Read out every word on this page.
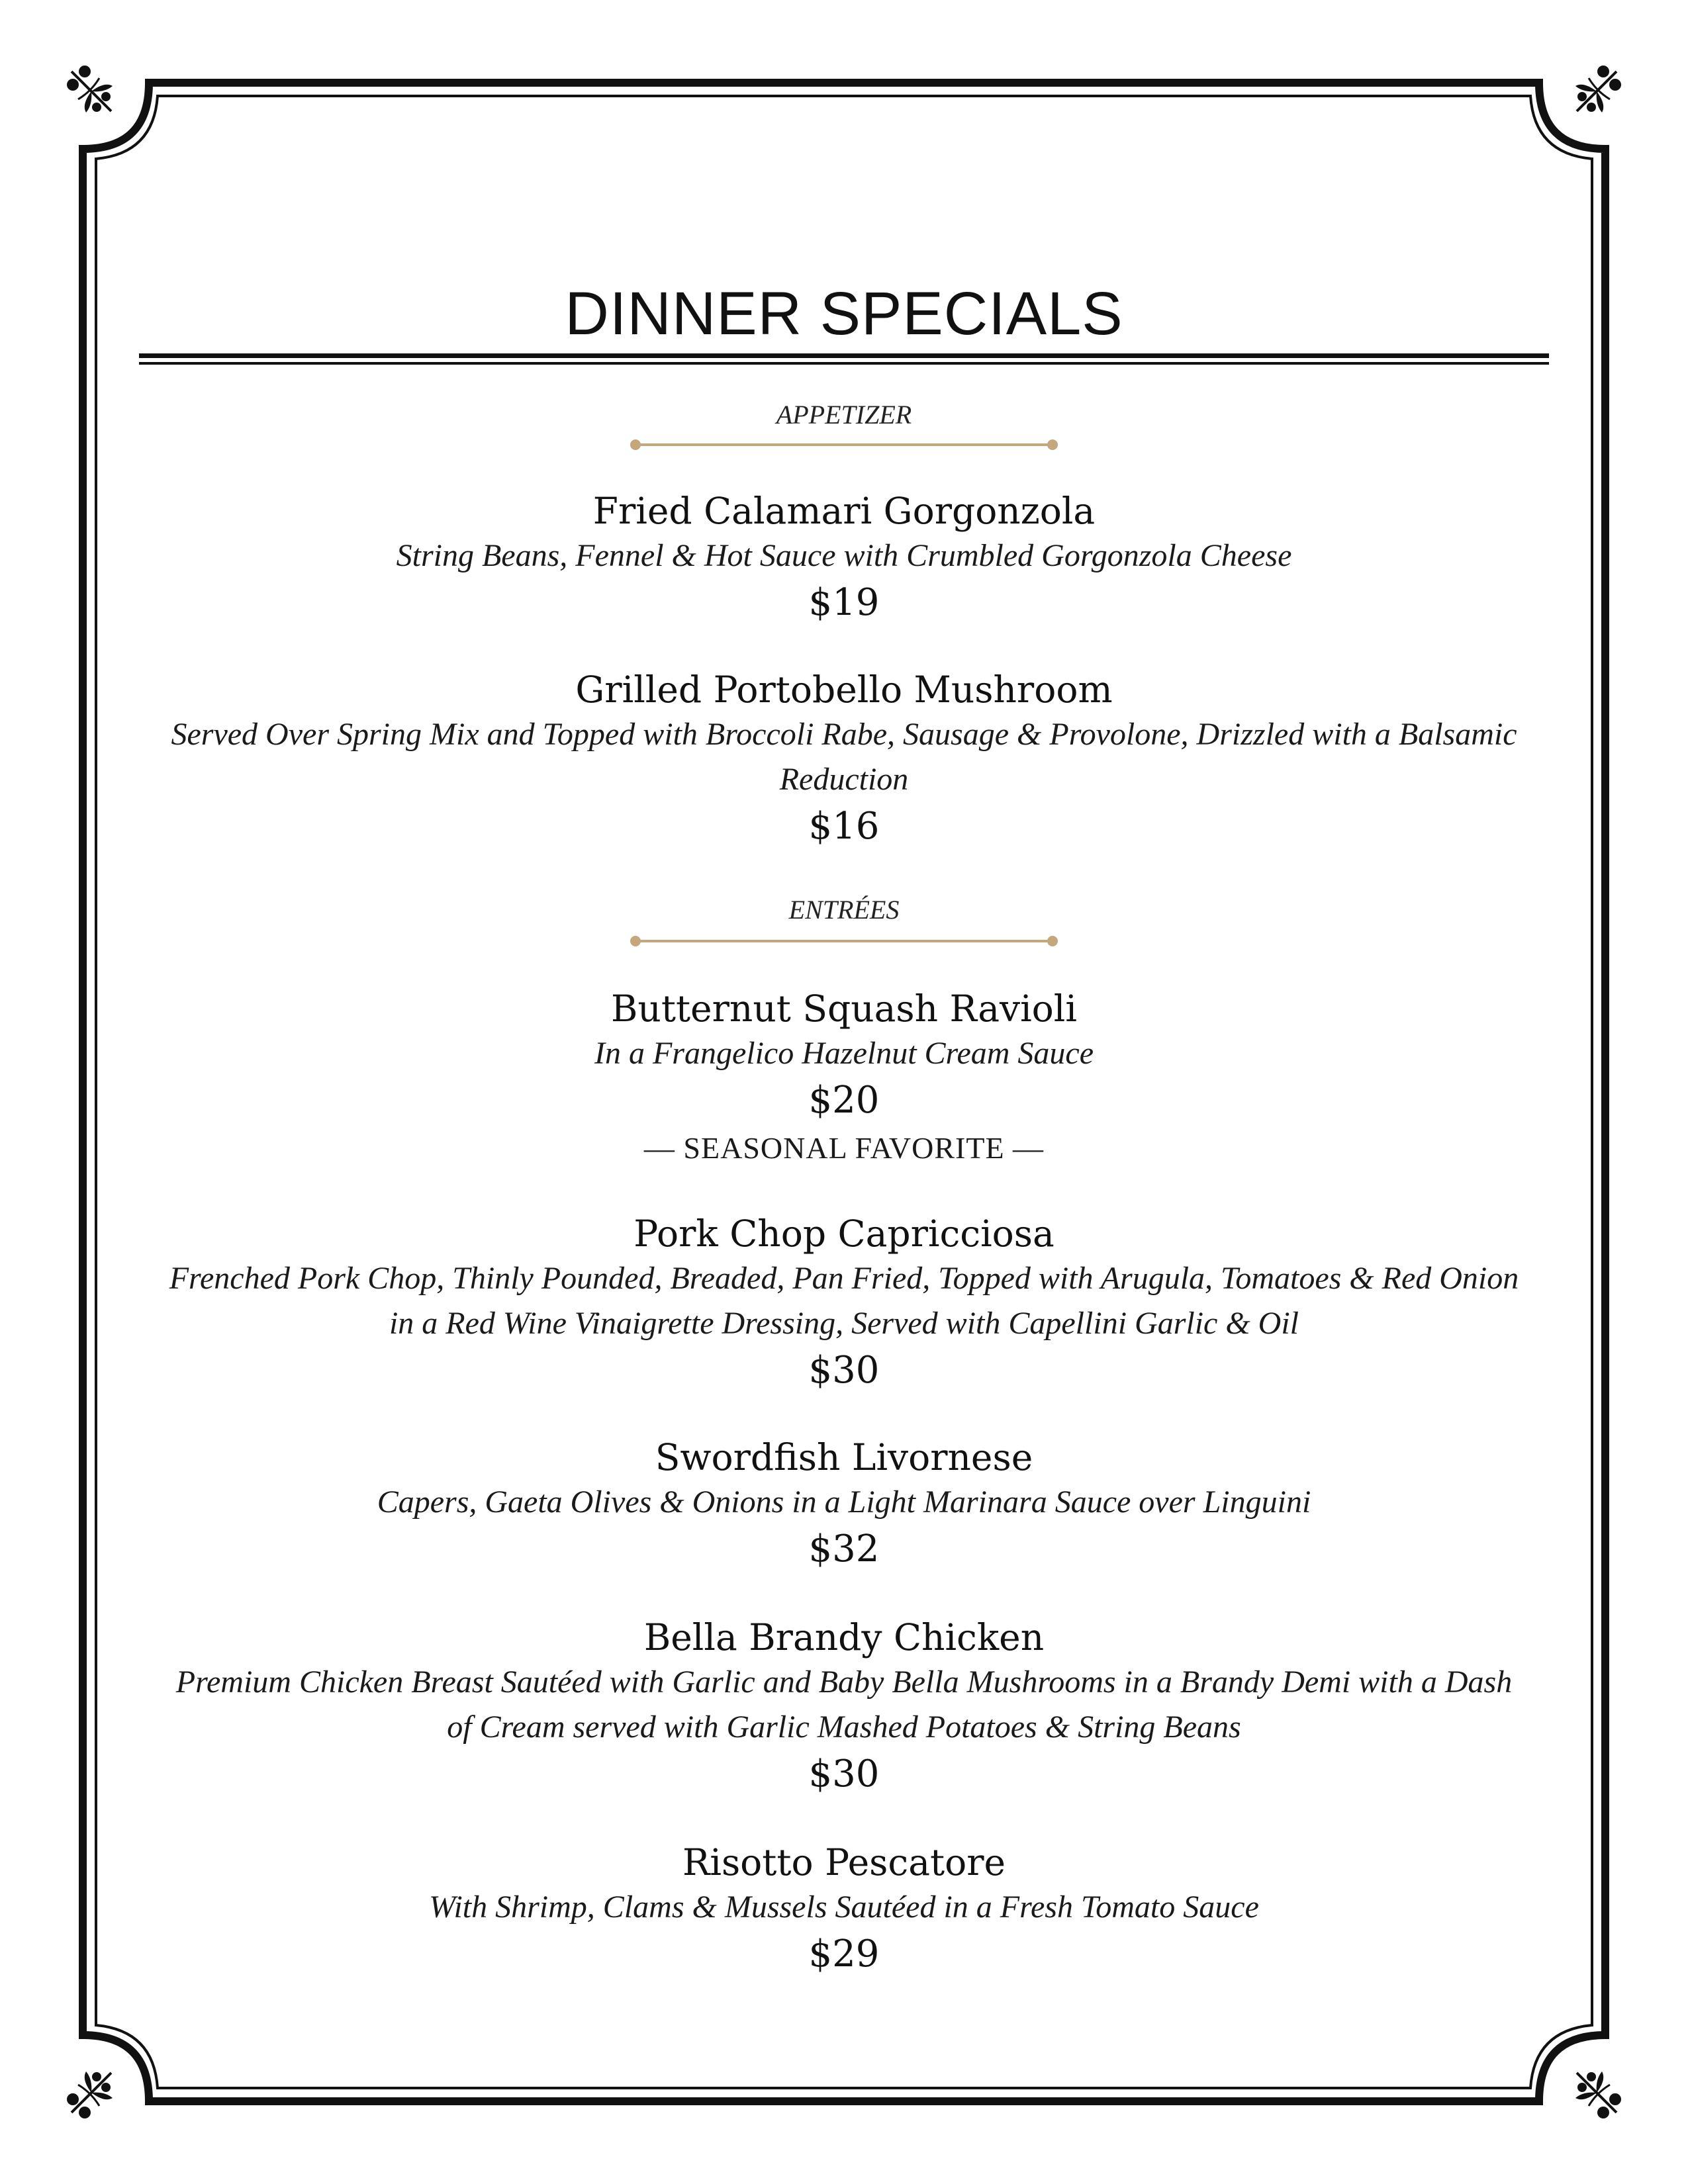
DINNER SPECIALS
APPETIZER
Fried Calamari Gorgonzola
String Beans, Fennel & Hot Sauce with Crumbled Gorgonzola Cheese
$19
Grilled Portobello Mushroom
Served Over Spring Mix and Topped with Broccoli Rabe, Sausage & Provolone, Drizzled with a Balsamic
Reduction
$16
ENTRÉES
Butternut Squash Ravioli
In a Frangelico Hazelnut Cream Sauce
$20
— SEASONAL FAVORITE —
Pork Chop Capricciosa
Frenched Pork Chop, Thinly Pounded, Breaded, Pan Fried, Topped with Arugula, Tomatoes & Red Onion
in a Red Wine Vinaigrette Dressing, Served with Capellini Garlic & Oil
$30
Swordfish Livornese
Capers, Gaeta Olives & Onions in a Light Marinara Sauce over Linguini
$32
Bella Brandy Chicken
Premium Chicken Breast Sautéed with Garlic and Baby Bella Mushrooms in a Brandy Demi with a Dash
of Cream served with Garlic Mashed Potatoes & String Beans
$30
Risotto Pescatore
With Shrimp, Clams & Mussels Sautéed in a Fresh Tomato Sauce
$29
